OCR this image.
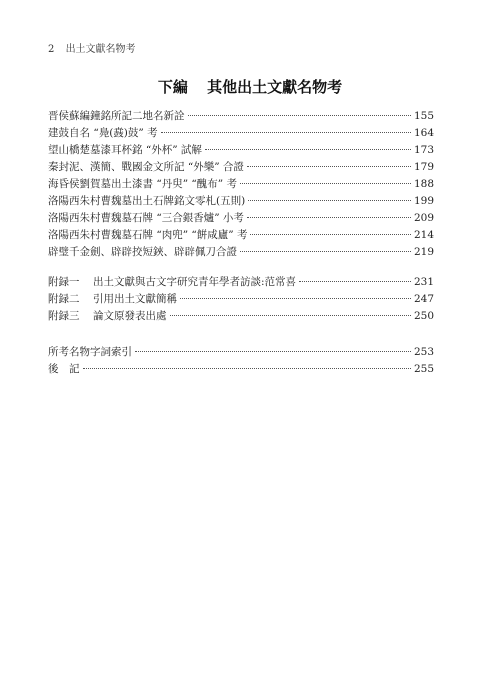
2 出土文獻名物考
下編 其他出土文獻名物考
晋侯蘇編鐘銘所記二地名新詮	155
建鼓自名 “鳧(鼖)鼓” 考	164
望山橋楚墓漆耳杯銘 “外杯” 試解	173
秦封泥、漢簡、戰國金文所記 “外樂” 合證	179
海昏侯劉賀墓出土漆書 “丹臾” “醜布” 考	188
洛陽西朱村曹魏墓出土石牌銘文零札(五則)	199
洛陽西朱村曹魏墓石牌 “三合銀香爐” 小考	209
洛陽西朱村曹魏墓石牌 “肉兜” “餠咸廬” 考	214
辟璧千金劍、辟辟挍短鋏、辟辟佩刀合證	219
附録一 出土文獻與古文字研究青年學者訪談:范常喜	231
附録二 引用出土文獻簡稱	247
附録三 論文原發表出處	250
所考名物字詞索引	253
後　記	255
